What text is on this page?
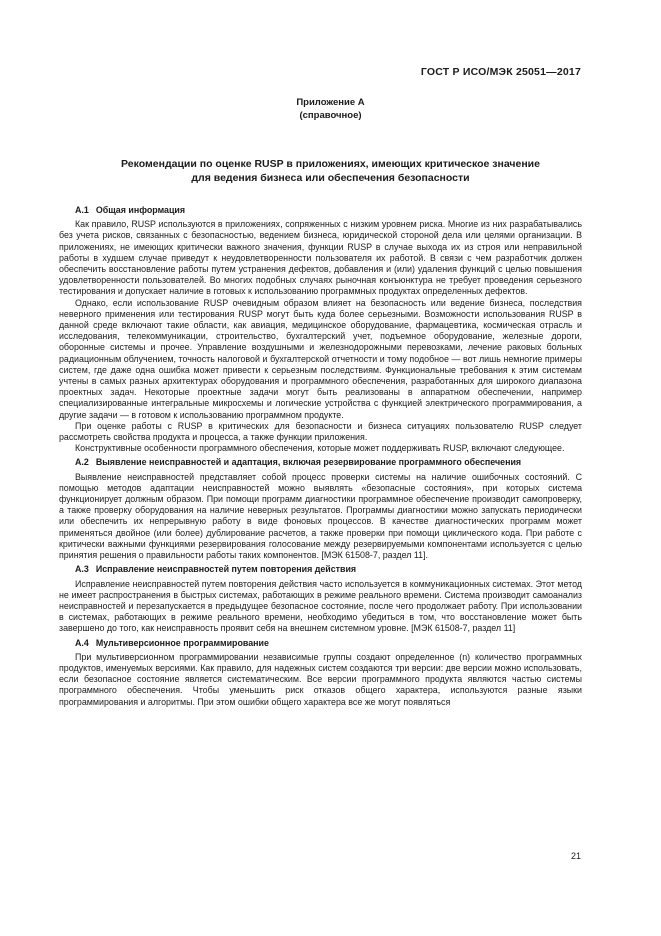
ГОСТ Р ИСО/МЭК 25051—2017
Приложение А
(справочное)
Рекомендации по оценке RUSP в приложениях, имеющих критическое значение
для ведения бизнеса или обеспечения безопасности
A.1 Общая информация

Как правило, RUSP используются в приложениях, сопряженных с низким уровнем риска. Многие из них разрабатывались без учета рисков, связанных с безопасностью, ведением бизнеса, юридической стороной дела или целями организации. В приложениях, не имеющих критически важного значения, функции RUSP в случае выхода их из строя или неправильной работы в худшем случае приведут к неудовлетворенности пользователя их работой. В связи с чем разработчик должен обеспечить восстановление работы путем устранения дефектов, добавления и (или) удаления функций с целью повышения удовлетворенности пользователей. Во многих подобных случаях рыночная конъюнктура не требует проведения серьезного тестирования и допускает наличие в готовых к использованию программных продуктах определенных дефектов.

Однако, если использование RUSP очевидным образом влияет на безопасность или ведение бизнеса, последствия неверного применения или тестирования RUSP могут быть куда более серьезными. Возможности использования RUSP в данной среде включают такие области, как авиация, медицинское оборудование, фармацевтика, космическая отрасль и исследования, телекоммуникации, строительство, бухгалтерский учет, подъемное оборудование, железные дороги, оборонные системы и прочее. Управление воздушными и железнодорожными перевозками, лечение раковых больных радиационным облучением, точность налоговой и бухгалтерской отчетности и тому подобное — вот лишь немногие примеры систем, где даже одна ошибка может привести к серьезным последствиям. Функциональные требования к этим системам учтены в самых разных архитектурах оборудования и программного обеспечения, разработанных для широкого диапазона проектных задач. Некоторые проектные задачи могут быть реализованы в аппаратном обеспечении, например специализированные интегральные микросхемы и логические устройства с функцией электрического программирования, а другие задачи — в готовом к использованию программном продукте.

При оценке работы с RUSP в критических для безопасности и бизнеса ситуациях пользователю RUSP следует рассмотреть свойства продукта и процесса, а также функции приложения.

Конструктивные особенности программного обеспечения, которые может поддерживать RUSP, включают следующее.

A.2 Выявление неисправностей и адаптация, включая резервирование программного обеспечения

Выявление неисправностей представляет собой процесс проверки системы на наличие ошибочных состояний. С помощью методов адаптации неисправностей можно выявлять «безопасные состояния», при которых система функционирует должным образом. При помощи программ диагностики программное обеспечение производит самопроверку, а также проверку оборудования на наличие неверных результатов. Программы диагностики можно запускать периодически или обеспечить их непрерывную работу в виде фоновых процессов. В качестве диагностических программ может применяться двойное (или более) дублирование расчетов, а также проверки при помощи циклического кода. При работе с критически важными функциями резервирования голосование между резервируемыми компонентами используется с целью принятия решения о правильности работы таких компонентов. [МЭК 61508-7, раздел 11].

A.3 Исправление неисправностей путем повторения действия

Исправление неисправностей путем повторения действия часто используется в коммуникационных системах. Этот метод не имеет распространения в быстрых системах, работающих в режиме реального времени. Система производит самоанализ неисправностей и перезапускается в предыдущее безопасное состояние, после чего продолжает работу. При использовании в системах, работающих в режиме реального времени, необходимо убедиться в том, что восстановление может быть завершено до того, как неисправность проявит себя на внешнем системном уровне. [МЭК 61508-7, раздел 11]

A.4 Мультиверсионное программирование

При мультиверсионном программировании независимые группы создают определенное (n) количество программных продуктов, именуемых версиями. Как правило, для надежных систем создаются три версии: две версии можно использовать, если безопасное состояние является систематическим. Все версии программного продукта являются частью системы программного обеспечения. Чтобы уменьшить риск отказов общего характера, используются разные языки программирования и алгоритмы. При этом ошибки общего характера все же могут появляться

21
